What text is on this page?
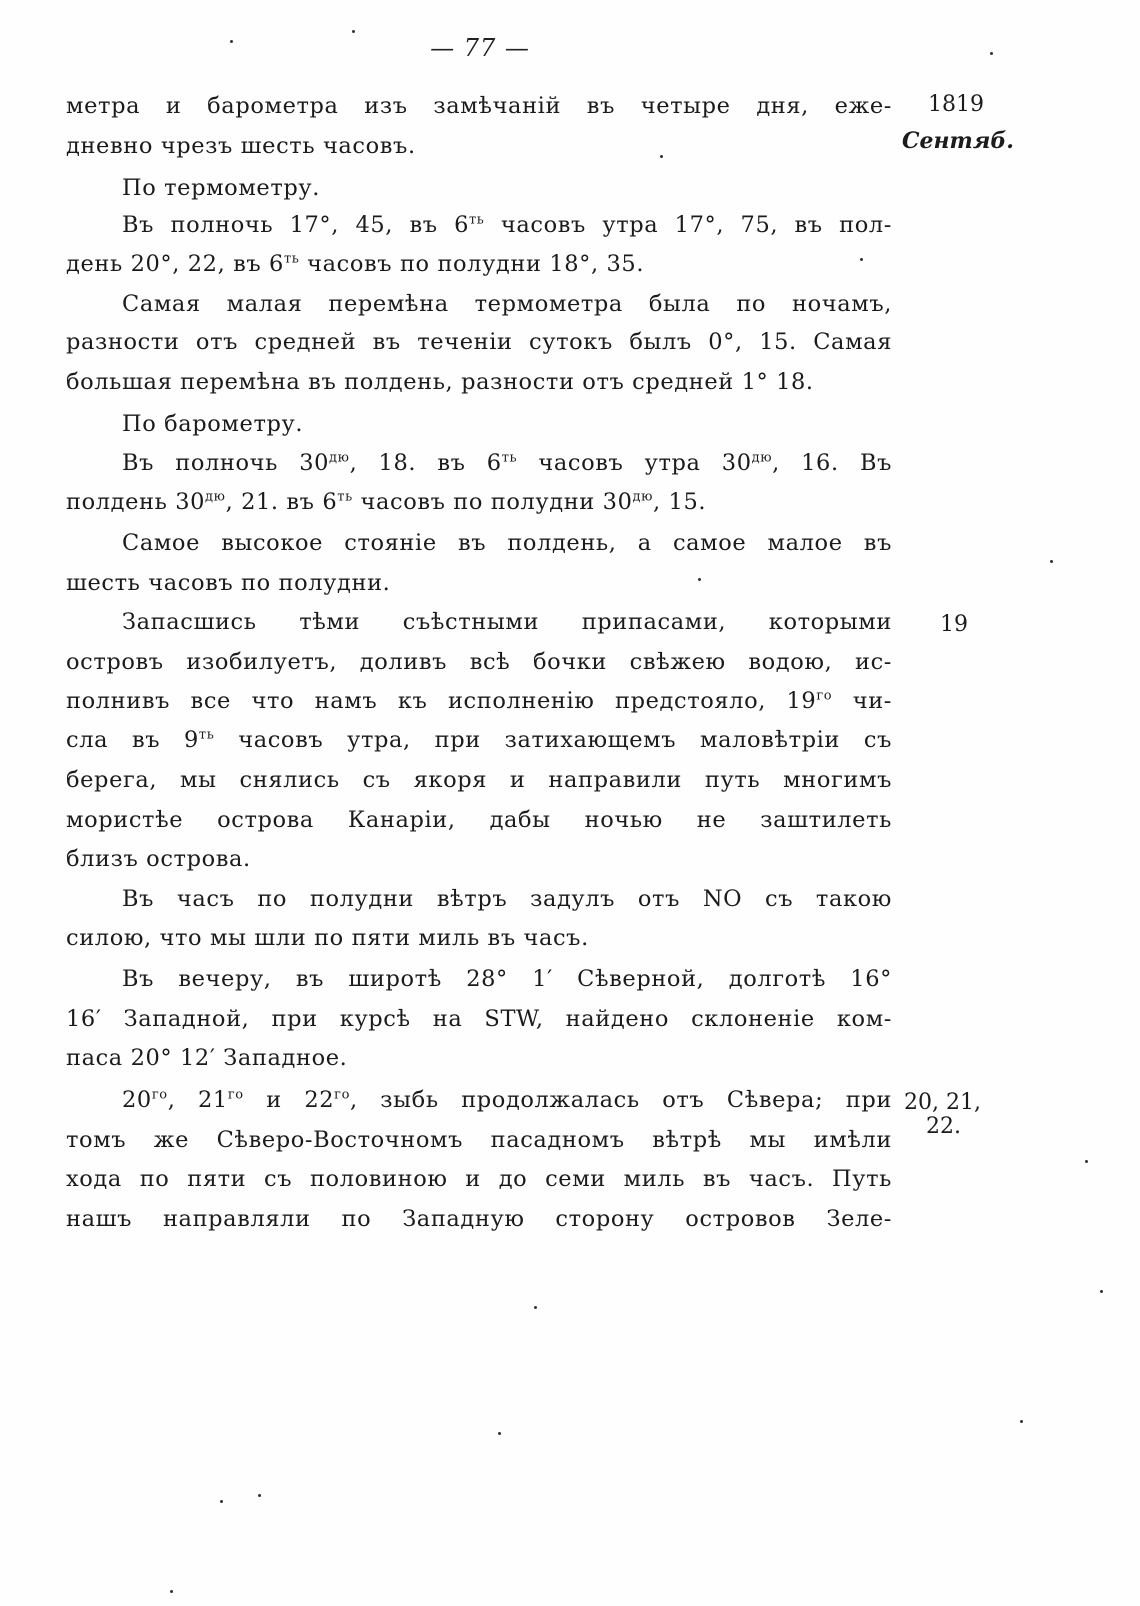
— 77 —
1819
Сентяб.
19
20, 21,
22.
метра и барометра изъ замѣчаній въ четыре дня, еже-
дневно чрезъ шесть часовъ.
По термометру.
Въ полночь 17°, 45, въ $6^{ть}$ часовъ утра 17°, 75, въ пол-
день 20°, 22, въ $6^{ть}$ часовъ по полудни 18°, 35.
Самая малая перемѣна термометра была по ночамъ,
разности отъ средней въ теченіи сутокъ былъ 0°, 15. Самая
большая перемѣна въ полдень, разности отъ средней 1° 18.
По барометру.
Въ полночь $30^{дю}$, 18. въ $6^{ть}$ часовъ утра $30^{дю}$, 16. Въ
полдень $30^{дю}$, 21. въ $6^{ть}$ часовъ по полудни $30^{дю}$, 15.
Самое высокое стояніе въ полдень, а самое малое въ
шесть часовъ по полудни.
Запасшись тѣми съѣстными припасами, которыми
островъ изобилуетъ, доливъ всѣ бочки свѣжею водою, ис-
полнивъ все что намъ къ исполненію предстояло, $19^{го}$ чи-
сла въ $9^{ть}$ часовъ утра, при затихающемъ маловѣтріи съ
берега, мы снялись съ якоря и направили путь многимъ
мористѣе острова Канаріи, дабы ночью не заштилеть
близъ острова.
Въ часъ по полудни вѣтръ задулъ отъ NO съ такою
силою, что мы шли по пяти миль въ часъ.
Въ вечеру, въ широтѣ 28° 1′ Сѣверной, долготѣ 16°
16′ Западной, при курсѣ на STW, найдено склоненіе ком-
паса 20° 12′ Западное.
$20^{го}$, $21^{го}$ и $22^{го}$, зыбь продолжалась отъ Сѣвера; при
томъ же Сѣверо-Восточномъ пасадномъ вѣтрѣ мы имѣли
хода по пяти съ половиною и до семи миль въ часъ. Путь
нашъ направляли по Западную сторону островов Зеле-
